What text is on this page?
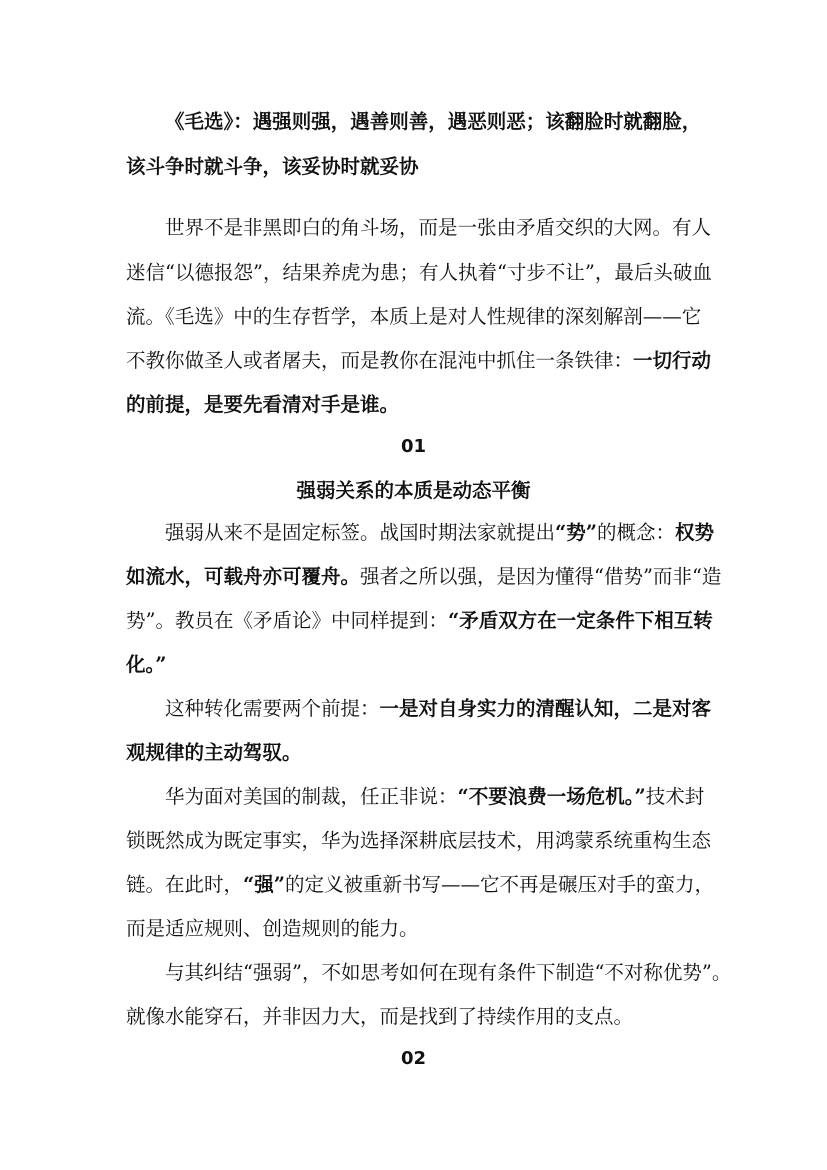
《毛选》：遇强则强，遇善则善，遇恶则恶；该翻脸时就翻脸，
该斗争时就斗争，该妥协时就妥协
世界不是非黑即白的角斗场，而是一张由矛盾交织的大网。有人
迷信“以德报怨”，结果养虎为患；有人执着“寸步不让”，最后头破血
流。《毛选》中的生存哲学，本质上是对人性规律的深刻解剖——它
不教你做圣人或者屠夫，而是教你在混沌中抓住一条铁律：一切行动
的前提，是要先看清对手是谁。
01
强弱关系的本质是动态平衡
强弱从来不是固定标签。战国时期法家就提出“势”的概念：权势
如流水，可载舟亦可覆舟。强者之所以强，是因为懂得“借势”而非“造
势”。教员在《矛盾论》中同样提到：“矛盾双方在一定条件下相互转
化。”
这种转化需要两个前提：一是对自身实力的清醒认知，二是对客
观规律的主动驾驭。
华为面对美国的制裁，任正非说：“不要浪费一场危机。”技术封
锁既然成为既定事实，华为选择深耕底层技术，用鸿蒙系统重构生态
链。在此时，“强”的定义被重新书写——它不再是碾压对手的蛮力，
而是适应规则、创造规则的能力。
与其纠结“强弱”，不如思考如何在现有条件下制造“不对称优势”。
就像水能穿石，并非因力大，而是找到了持续作用的支点。
02
